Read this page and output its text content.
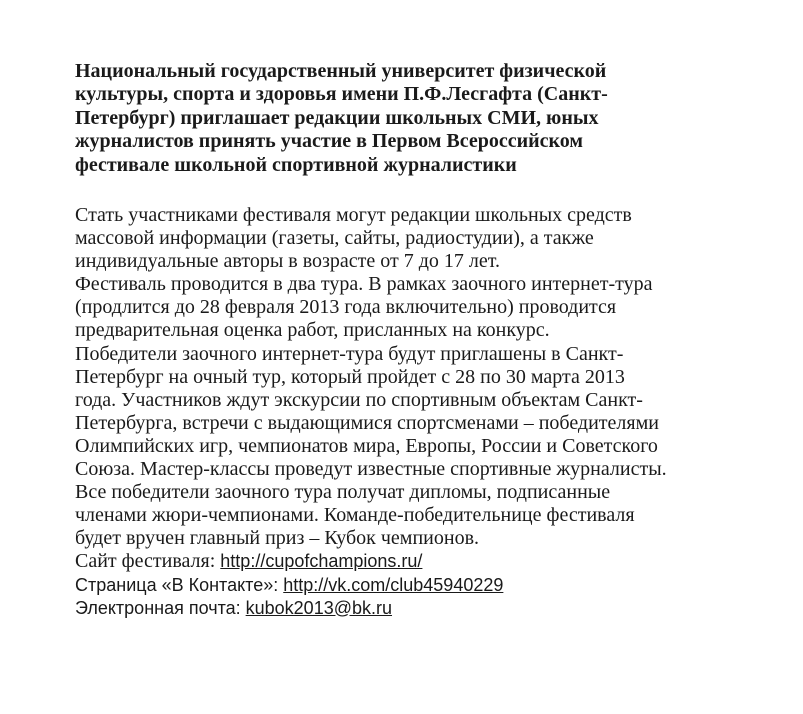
Национальный государственный университет физической
культуры, спорта и здоровья имени П.Ф.Лесгафта (Санкт-
Петербург) приглашает редакции школьных СМИ, юных
журналистов принять участие в Первом Всероссийском
фестивале школьной спортивной журналистики
Стать участниками фестиваля могут редакции школьных средств
массовой информации (газеты, сайты, радиостудии), а также
индивидуальные авторы в возрасте от 7 до 17 лет.
Фестиваль проводится в два тура. В рамках заочного интернет-тура
(продлится до 28 февраля 2013 года включительно) проводится
предварительная оценка работ, присланных на конкурс.
Победители заочного интернет-тура будут приглашены в Санкт-
Петербург на очный тур, который пройдет с 28 по 30 марта 2013
года. Участников ждут экскурсии по спортивным объектам Санкт-
Петербурга, встречи с выдающимися спортсменами – победителями
Олимпийских игр, чемпионатов мира, Европы, России и Советского
Союза. Мастер-классы проведут известные спортивные журналисты.
Все победители заочного тура получат дипломы, подписанные
членами жюри-чемпионами. Команде-победительнице фестиваля
будет вручен главный приз – Кубок чемпионов.
Сайт фестиваля: http://cupofchampions.ru/
Страница «В Контакте»: http://vk.com/club45940229
Электронная почта: kubok2013@bk.ru
